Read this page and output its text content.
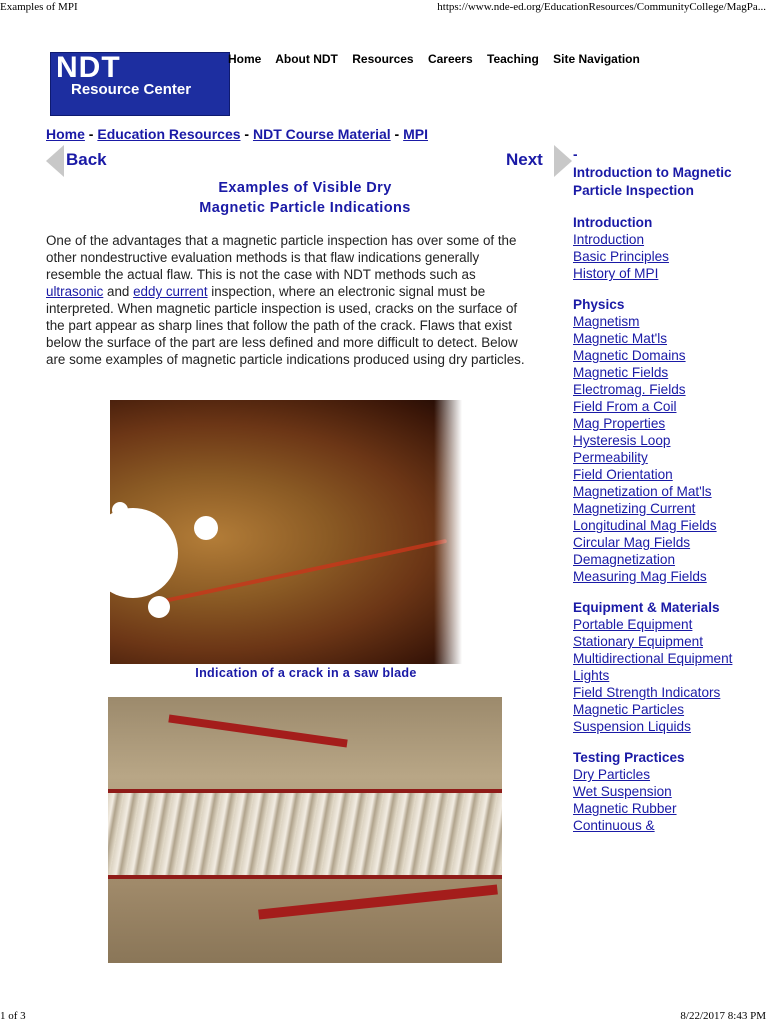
Examples of MPI	https://www.nde-ed.org/EducationResources/CommunityCollege/MagPa...
NDT
Resource Center
Home About NDT Resources Careers Teaching Site Navigation
Home - Education Resources - NDT Course Material - MPI
Back	Next
Examples of Visible Dry
Magnetic Particle Indications
One of the advantages that a magnetic particle inspection has over some of the other nondestructive evaluation methods is that flaw indications generally resemble the actual flaw. This is not the case with NDT methods such as ultrasonic and eddy current inspection, where an electronic signal must be interpreted. When magnetic particle inspection is used, cracks on the surface of the part appear as sharp lines that follow the path of the crack. Flaws that exist below the surface of the part are less defined and more difficult to detect. Below are some examples of magnetic particle indications produced using dry particles.
Indication of a crack in a saw blade
-
Introduction to Magnetic Particle Inspection
Introduction
Introduction
Basic Principles
History of MPI
Physics
Magnetism
Magnetic Mat'ls
Magnetic Domains
Magnetic Fields
Electromag. Fields
Field From a Coil
Mag Properties
Hysteresis Loop
Permeability
Field Orientation
Magnetization of Mat'ls
Magnetizing Current
Longitudinal Mag Fields
Circular Mag Fields
Demagnetization
Measuring Mag Fields
Equipment & Materials
Portable Equipment
Stationary Equipment
Multidirectional Equipment
Lights
Field Strength Indicators
Magnetic Particles
Suspension Liquids
Testing Practices
Dry Particles
Wet Suspension
Magnetic Rubber
Continuous &
1 of 3	8/22/2017 8:43 PM
